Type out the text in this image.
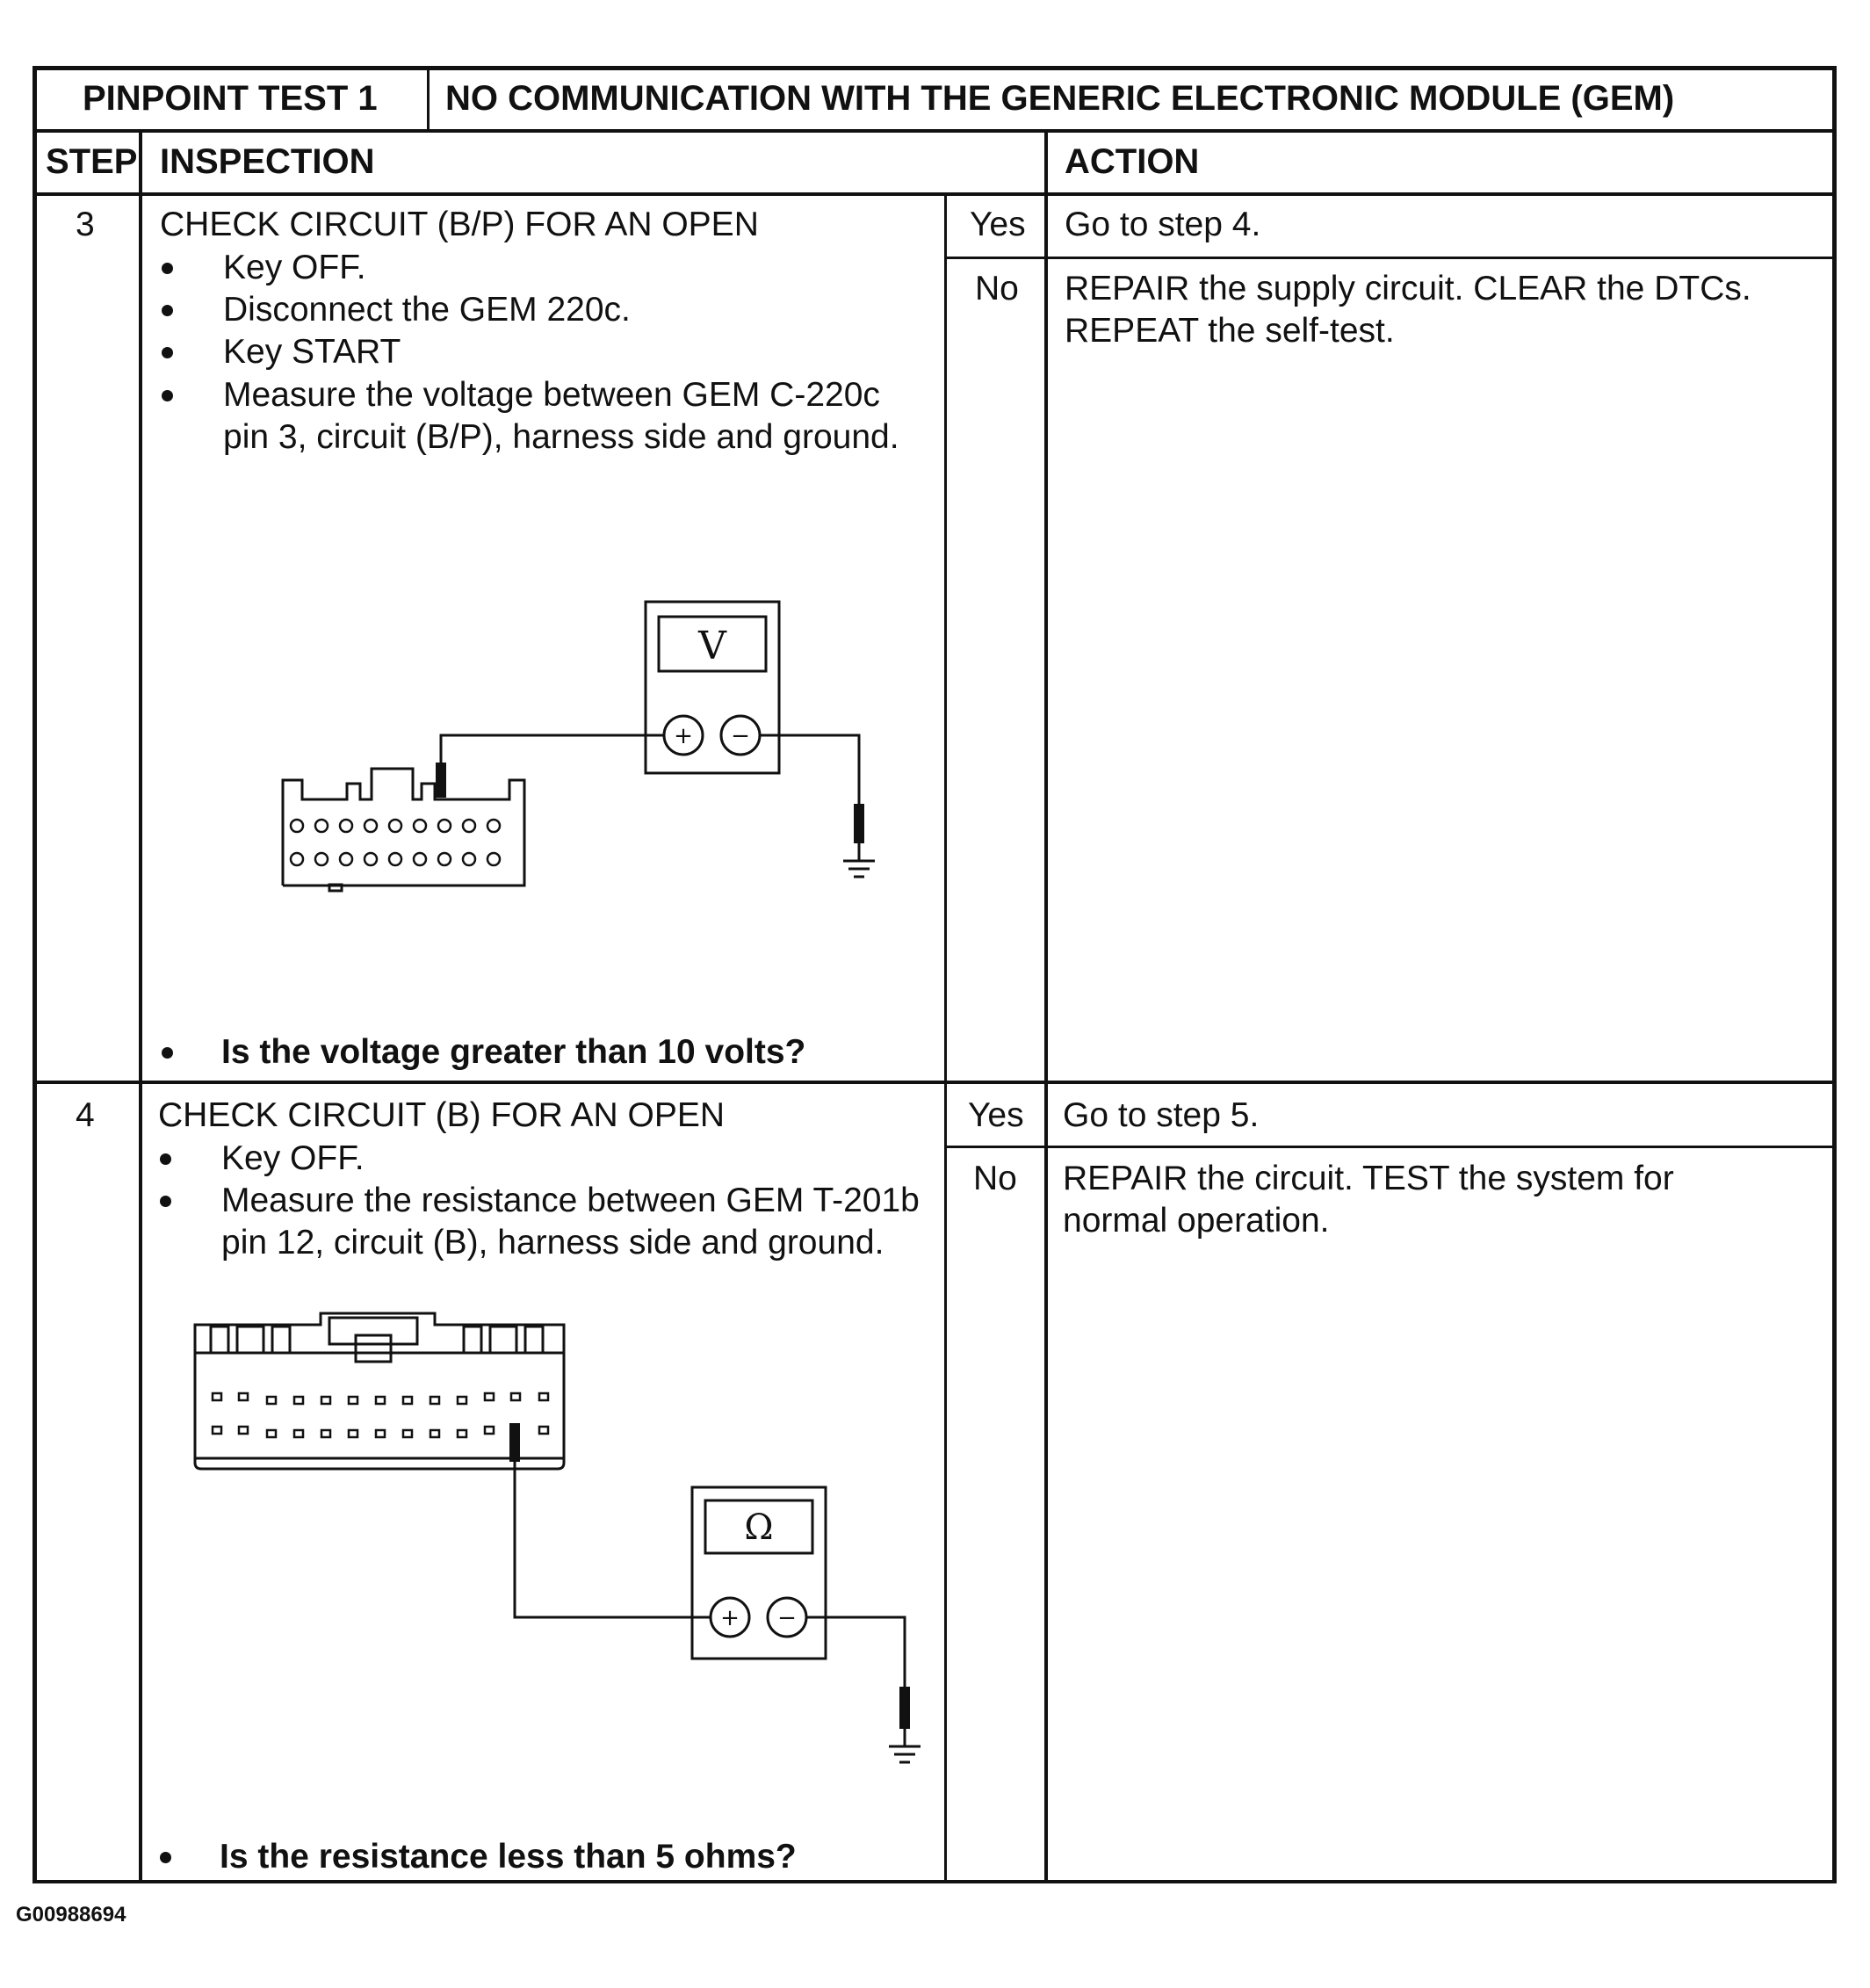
PINPOINT TEST 1 NO COMMUNICATION WITH THE GENERIC ELECTRONIC MODULE (GEM)
STEP INSPECTION	ACTION
3 CHECK CIRCUIT (B/P) FOR AN OPEN
Key OFF.
Disconnect the GEM 220c.
Key START
Measure the voltage between GEM C-220c
pin 3, circuit (B/P), harness side and ground.
V
+ −
Is the voltage greater than 10 volts?
Yes Go to step 4.
No REPAIR the supply circuit. CLEAR the DTCs.
REPEAT the self-test.
4 CHECK CIRCUIT (B) FOR AN OPEN
Key OFF.
Measure the resistance between GEM T-201b
pin 12, circuit (B), harness side and ground.
Ω
+ −
Is the resistance less than 5 ohms?
Yes Go to step 5.
No REPAIR the circuit. TEST the system for
normal operation.
G00988694
